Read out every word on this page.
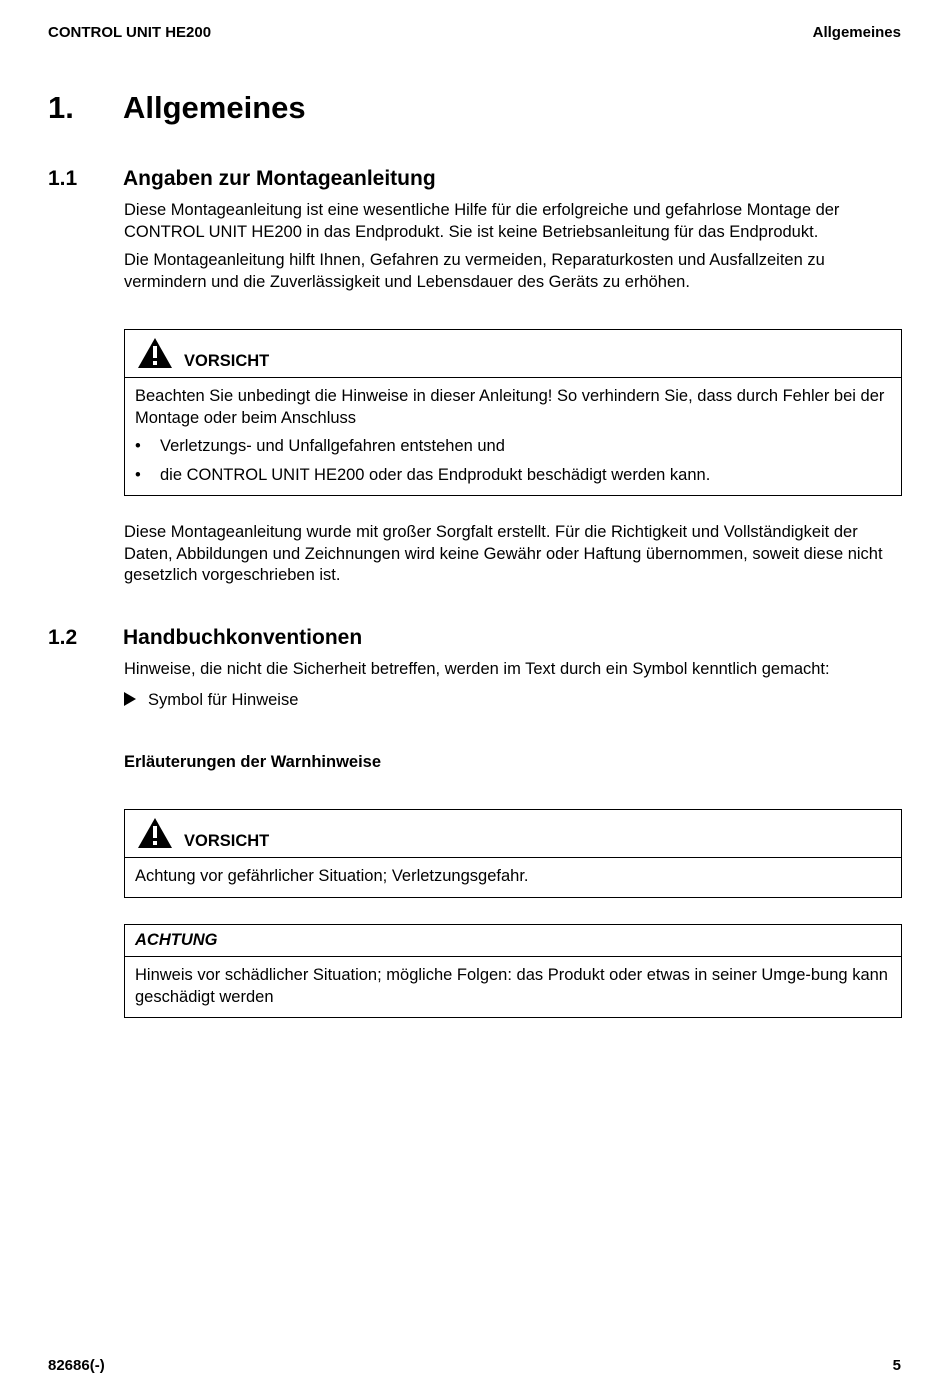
CONTROL UNIT HE200	Allgemeines
1. Allgemeines
1.1 Angaben zur Montageanleitung
Diese Montageanleitung ist eine wesentliche Hilfe für die erfolgreiche und gefahrlose Montage der CONTROL UNIT HE200 in das Endprodukt. Sie ist keine Betriebsanleitung für das Endprodukt.
Die Montageanleitung hilft Ihnen, Gefahren zu vermeiden, Reparaturkosten und Ausfallzeiten zu vermindern und die Zuverlässigkeit und Lebensdauer des Geräts zu erhöhen.
VORSICHT
Beachten Sie unbedingt die Hinweise in dieser Anleitung! So verhindern Sie, dass durch Fehler bei der Montage oder beim Anschluss
• Verletzungs- und Unfallgefahren entstehen und
• die CONTROL UNIT HE200 oder das Endprodukt beschädigt werden kann.
Diese Montageanleitung wurde mit großer Sorgfalt erstellt. Für die Richtigkeit und Vollständigkeit der Daten, Abbildungen und Zeichnungen wird keine Gewähr oder Haftung übernommen, soweit diese nicht gesetzlich vorgeschrieben ist.
1.2 Handbuchkonventionen
Hinweise, die nicht die Sicherheit betreffen, werden im Text durch ein Symbol kenntlich gemacht:
Symbol für Hinweise
Erläuterungen der Warnhinweise
VORSICHT
Achtung vor gefährlicher Situation; Verletzungsgefahr.
ACHTUNG
Hinweis vor schädlicher Situation; mögliche Folgen: das Produkt oder etwas in seiner Umge-bung kann geschädigt werden
82686(-)	5
